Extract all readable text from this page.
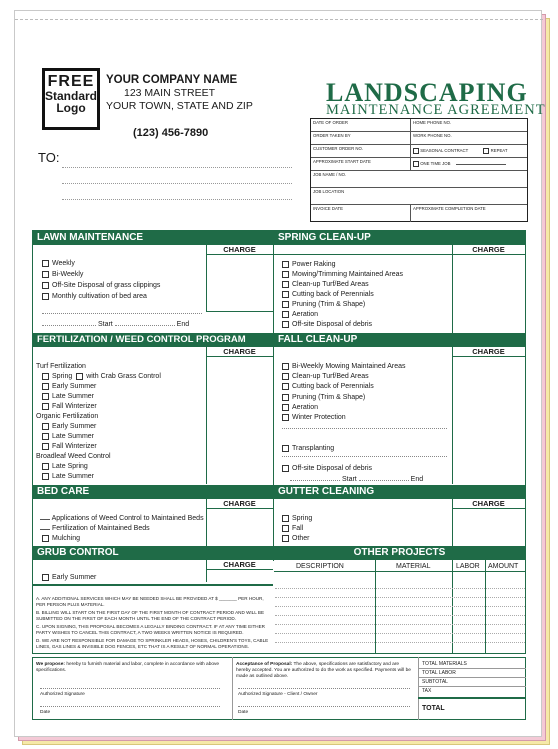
FREE
Standard
Logo
YOUR COMPANY NAME
123 MAIN STREET
YOUR TOWN, STATE AND ZIP
(123) 456-7890
TO:
LANDSCAPING
MAINTENANCE AGREEMENT
DATE OF ORDER	HOME PHONE NO.
ORDER TAKEN BY	WORK PHONE NO.
CUSTOMER ORDER NO.	SEASONAL CONTRACT	REPEAT
APPROXIMATE START DATE	ONE TIME JOB
JOB NAME / NO.
JOB LOCATION
INVOICE DATE	APPROXIMATE COMPLETION DATE
LAWN MAINTENANCE
CHARGE
Weekly
Bi-Weekly
Off-Site Disposal of grass clippings
Monthly cultivation of bed area
Start	End
SPRING CLEAN-UP
CHARGE
Power Raking
Mowing/Trimming Maintained Areas
Clean-up Turf/Bed Areas
Cutting back of Perennials
Pruning (Trim & Shape)
Aeration
Off-site Disposal of debris
FERTILIZATION / WEED CONTROL PROGRAM
CHARGE
Turf Fertilization
Spring with Crab Grass Control
Early Summer
Late Summer
Fall Winterizer
Organic Fertilization
Early Summer
Late Summer
Fall Winterizer
Broadleaf Weed Control
Late Spring
Late Summer
FALL CLEAN-UP
CHARGE
Bi-Weekly Mowing Maintained Areas
Clean-up Turf/Bed Areas
Cutting back of Perennials
Pruning (Trim & Shape)
Aeration
Winter Protection
Transplanting
Off-site Disposal of debris
Start	End
BED CARE
CHARGE
Applications of Weed Control to Maintained Beds
Fertilization of Maintained Beds
Mulching
GUTTER CLEANING
CHARGE
Spring
Fall
Other
GRUB CONTROL
CHARGE
Early Summer
A. ANY ADDITIONAL SERVICES WHICH MAY BE NEEDED SHALL BE PROVIDED AT $ _______ PER HOUR, PER PERSON PLUS MATERIAL.
B. BILLING WILL START ON THE FIRST DAY OF THE FIRST MONTH OF CONTRACT PERIOD AND WILL BE SUBMITTED ON THE FIRST OF EACH MONTH UNTIL THE END OF THE CONTRACT PERIOD.
C. UPON SIGNING, THIS PROPOSAL BECOMES A LEGALLY BINDING CONTRACT. IF AT ANY TIME EITHER PARTY WISHES TO CANCEL THIS CONTRACT, A TWO WEEKS WRITTEN NOTICE IS REQUIRED.
D. WE ARE NOT RESPONSIBLE FOR DAMAGE TO SPRINKLER HEADS, HOSES, CHILDREN'S TOYS, CABLE LINES, GAS LINES & INVISIBLE DOG FENCES, ETC THAT IS A RESULT OF NORMAL OPERATIONS.
OTHER PROJECTS
DESCRIPTION	MATERIAL	LABOR AMOUNT
We propose: hereby to furnish material and labor, complete in accordance with above specifications.
Authorized Signature
Date
Acceptance of Proposal: The above, specifications are satisfactory and are hereby accepted. You are authorized to do the work as specified. Payments will be made as outlined above.
Authorized Signature - Client / Owner
Date
TOTAL MATERIALS
TOTAL LABOR
SUBTOTAL
TAX
TOTAL
